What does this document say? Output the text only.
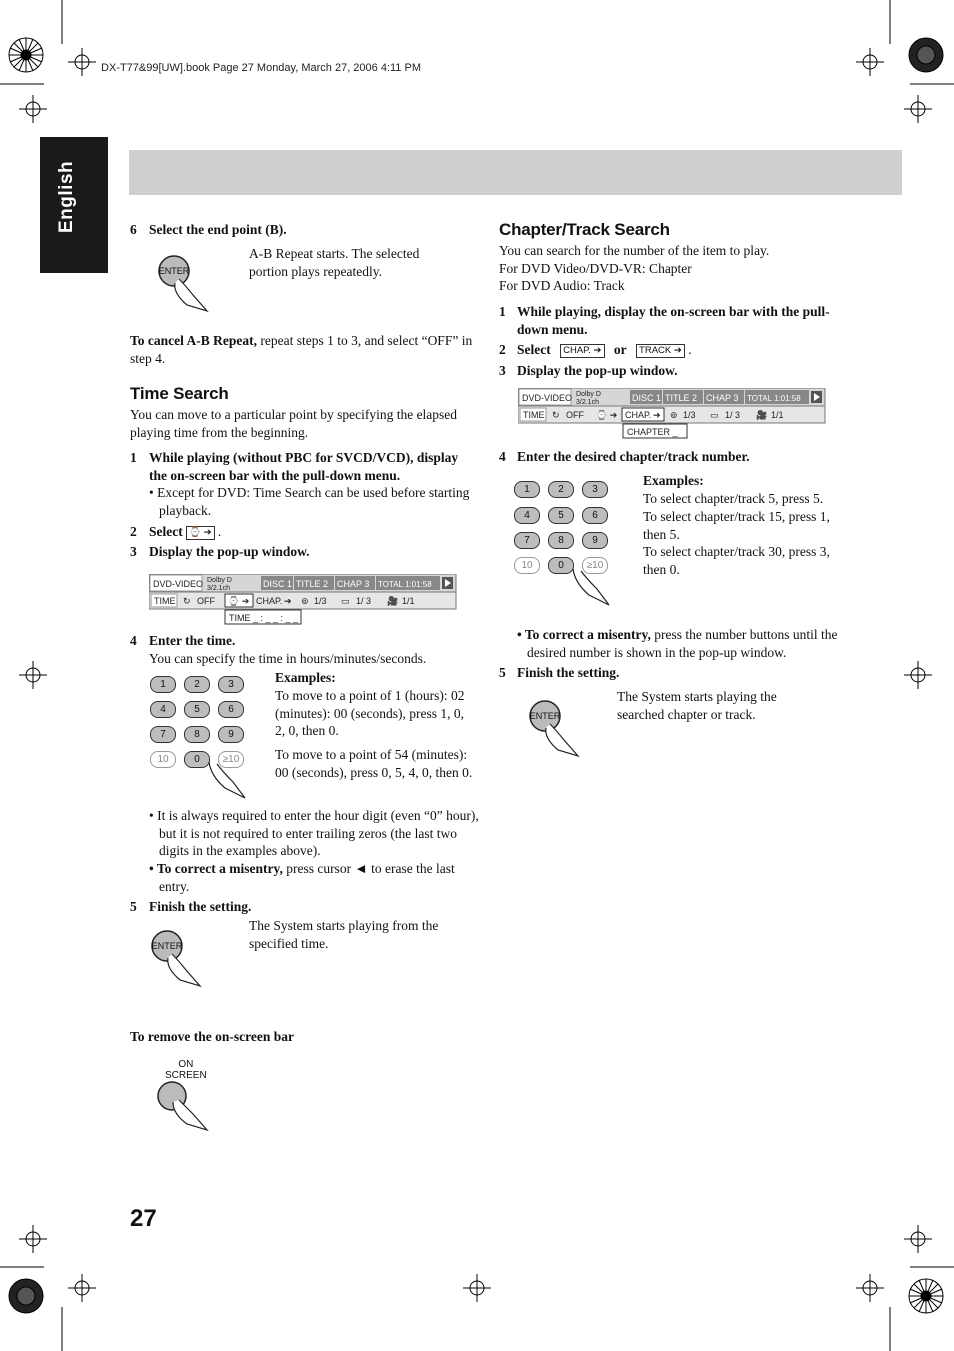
DX-T77&99[UW].book Page 27 Monday, March 27, 2006 4:11 PM
English	6 Select the end point (B).
ENTER
A-B Repeat starts. The selected portion plays repeatedly.
To cancel A-B Repeat, repeat steps 1 to 3, and select “OFF” in step 4.
Time Search
You can move to a particular point by specifying the elapsed playing time from the beginning.
1 While playing (without PBC for SVCD/VCD), display the on-screen bar with the pull-down menu.
• Except for DVD: Time Search can be used before starting playback.
2 Select ⌚ ➔ .
3 Display the pop-up window.
DVD-VIDEO Dolby D
3/2.1ch	DISC 1 TITLE 2 CHAP 3 TOTAL 1:01:58
TIME ↻ OFF ⌚ ➔ CHAP. ➔ ⊚ 1/3 ▭ 1/ 3 🎥 1/1
TIME _ : _ _ : _ _
4 Enter the time.
You can specify the time in hours/minutes/seconds.
1	2	3
4	5	6
7	8	9
10	0	≥10
Examples:
To move to a point of 1 (hours): 02 (minutes): 00 (seconds), press 1, 0, 2, 0, then 0.
To move to a point of 54 (minutes): 00 (seconds), press 0, 5, 4, 0, then 0.
• It is always required to enter the hour digit (even “0” hour), but it is not required to enter trailing zeros (the last two digits in the examples above).
• To correct a misentry, press cursor ◄ to erase the last entry.
5 Finish the setting.
ENTER
The System starts playing from the specified time.
To remove the on-screen bar
ON
SCREEN
27
Chapter/Track Search
You can search for the number of the item to play.
For DVD Video/DVD-VR: Chapter
For DVD Audio: Track
1 While playing, display the on-screen bar with the pull-down menu.
2 Select CHAP. ➔ or TRACK ➔ .
3 Display the pop-up window.
DVD-VIDEO Dolby D
3/2.1ch	DISC 1 TITLE 2 CHAP 3 TOTAL 1:01:58
TIME ↻ OFF ⌚ ➔ CHAP. ➔ ⊚ 1/3 ▭ 1/ 3 🎥 1/1
CHAPTER _
4 Enter the desired chapter/track number.
1	2	3
4	5	6
7	8	9
10	0	≥10
Examples:
To select chapter/track 5, press 5.
To select chapter/track 15, press 1, then 5.
To select chapter/track 30, press 3, then 0.
• To correct a misentry, press the number buttons until the desired number is shown in the pop-up window.
5 Finish the setting.
ENTER
The System starts playing the searched chapter or track.
